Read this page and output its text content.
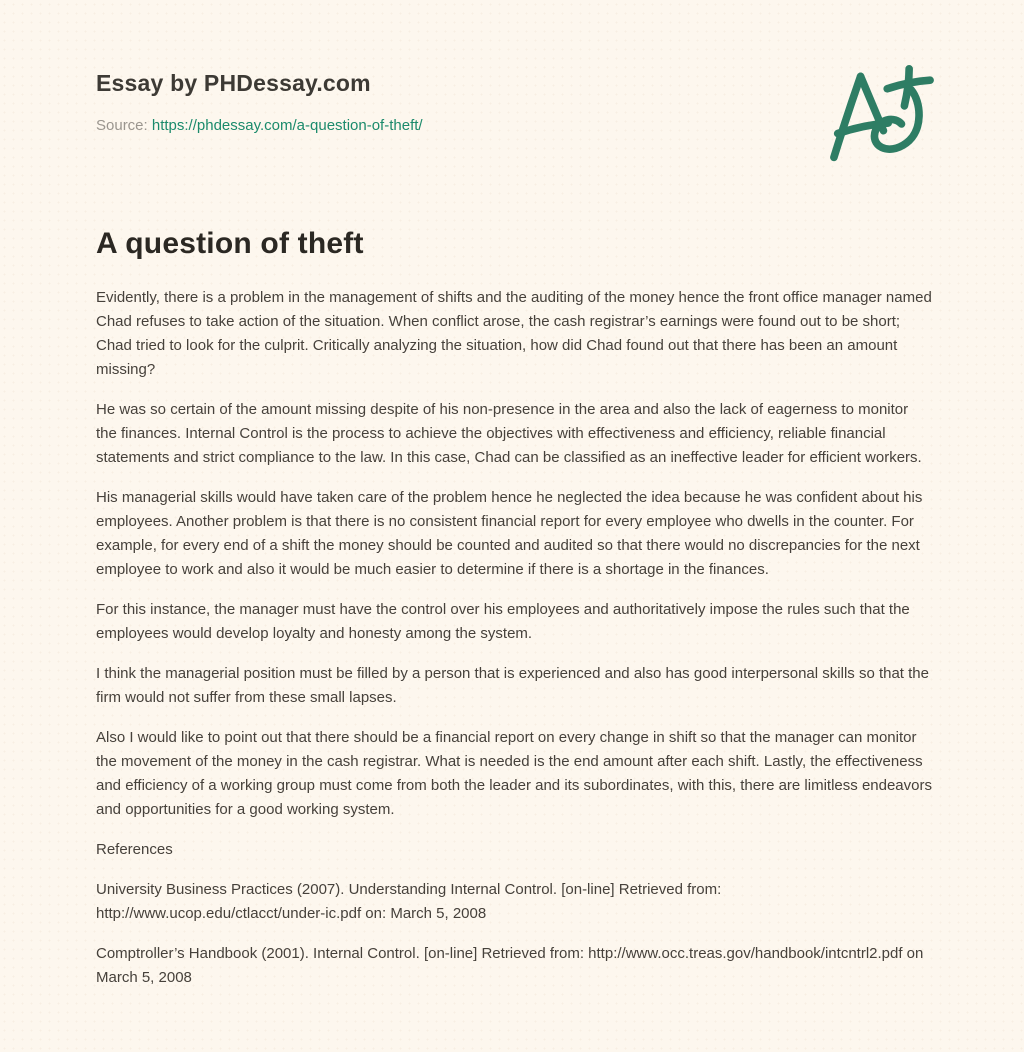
Essay by PHDessay.com
Source: https://phdessay.com/a-question-of-theft/
A question of theft

Evidently, there is a problem in the management of shifts and the auditing of the money hence the front office manager named Chad refuses to take action of the situation. When conflict arose, the cash registrar’s earnings were found out to be short; Chad tried to look for the culprit. Critically analyzing the situation, how did Chad found out that there has been an amount missing?

He was so certain of the amount missing despite of his non-presence in the area and also the lack of eagerness to monitor the finances. Internal Control is the process to achieve the objectives with effectiveness and efficiency, reliable financial statements and strict compliance to the law. In this case, Chad can be classified as an ineffective leader for efficient workers.

His managerial skills would have taken care of the problem hence he neglected the idea because he was confident about his employees. Another problem is that there is no consistent financial report for every employee who dwells in the counter. For example, for every end of a shift the money should be counted and audited so that there would no discrepancies for the next employee to work and also it would be much easier to determine if there is a shortage in the finances.

For this instance, the manager must have the control over his employees and authoritatively impose the rules such that the employees would develop loyalty and honesty among the system.

I think the managerial position must be filled by a person that is experienced and also has good interpersonal skills so that the firm would not suffer from these small lapses.

Also I would like to point out that there should be a financial report on every change in shift so that the manager can monitor the movement of the money in the cash registrar. What is needed is the end amount after each shift. Lastly, the effectiveness and efficiency of a working group must come from both the leader and its subordinates, with this, there are limitless endeavors and opportunities for a good working system.

References

University Business Practices (2007). Understanding Internal Control. [on-line] Retrieved from: http://www.ucop.edu/ctlacct/under-ic.pdf on: March 5, 2008

Comptroller’s Handbook (2001). Internal Control. [on-line] Retrieved from: http://www.occ.treas.gov/handbook/intcntrl2.pdf on March 5, 2008
